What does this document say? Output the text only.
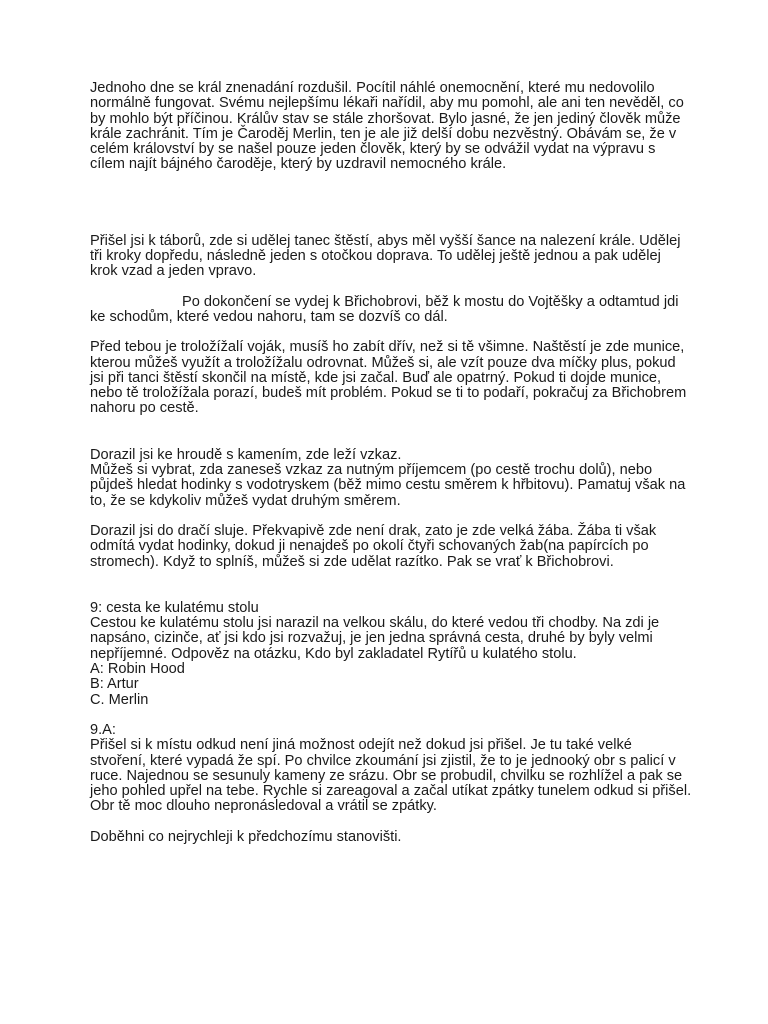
Jednoho dne se král znenadání rozdušil. Pocítil náhlé onemocnění, které mu nedovolilo
normálně fungovat. Svému nejlepšímu lékaři nařídil, aby mu pomohl, ale ani ten nevěděl, co
by mohlo být příčinou. Králův stav se stále zhoršovat. Bylo jasné, že jen jediný člověk může
krále zachránit. Tím je Čaroděj Merlin, ten je ale již delší dobu nezvěstný. Obávám se, že v
celém království by se našel pouze jeden člověk, který by se odvážil vydat na výpravu s
cílem najít bájného čaroděje, který by uzdravil nemocného krále.

Přišel jsi k táborů, zde si udělej tanec štěstí, abys měl vyšší šance na nalezení krále. Udělej
tři kroky dopředu, následně jeden s otočkou doprava. To udělej ještě jednou a pak udělej
krok vzad a jeden vpravo.

Po dokončení se vydej k Břichobrovi, běž k mostu do Vojtěšky a odtamtud jdi
ke schodům, které vedou nahoru, tam se dozvíš co dál.

Před tebou je troložížalí voják, musíš ho zabít dřív, než si tě všimne. Naštěstí je zde munice,
kterou můžeš využít a troložížalu odrovnat. Můžeš si, ale vzít pouze dva míčky plus, pokud
jsi při tanci štěstí skončil na místě, kde jsi začal. Buď ale opatrný. Pokud ti dojde munice,
nebo tě troložížala porazí, budeš mít problém. Pokud se ti to podaří, pokračuj za Břichobrem
nahoru po cestě.

Dorazil jsi ke hroudě s kamením, zde leží vzkaz.
Můžeš si vybrat, zda zaneseš vzkaz za nutným příjemcem (po cestě trochu dolů), nebo
půjdeš hledat hodinky s vodotryskem (běž mimo cestu směrem k hřbitovu). Pamatuj však na
to, že se kdykoliv můžeš vydat druhým směrem.

Dorazil jsi do dračí sluje. Překvapivě zde není drak, zato je zde velká žába. Žába ti však
odmítá vydat hodinky, dokud ji nenajdeš po okolí čtyři schovaných žab(na papírcích po
stromech). Když to splníš, můžeš si zde udělat razítko. Pak se vrať k Břichobrovi.

9: cesta ke kulatému stolu
Cestou ke kulatému stolu jsi narazil na velkou skálu, do které vedou tři chodby. Na zdi je
napsáno, cizinče, ať jsi kdo jsi rozvažuj, je jen jedna správná cesta, druhé by byly velmi
nepříjemné. Odpověz na otázku, Kdo byl zakladatel Rytířů u kulatého stolu.
A: Robin Hood
B: Artur
C. Merlin

9.A:
Přišel si k místu odkud není jiná možnost odejít než dokud jsi přišel. Je tu také velké
stvoření, které vypadá že spí. Po chvilce zkoumání jsi zjistil, že to je jednooký obr s palicí v
ruce. Najednou se sesunuly kameny ze srázu. Obr se probudil, chvilku se rozhlížel a pak se
jeho pohled upřel na tebe. Rychle si zareagoval a začal utíkat zpátky tunelem odkud si přišel.
Obr tě moc dlouho nepronásledoval a vrátil se zpátky.

Doběhni co nejrychleji k předchozímu stanovišti.
